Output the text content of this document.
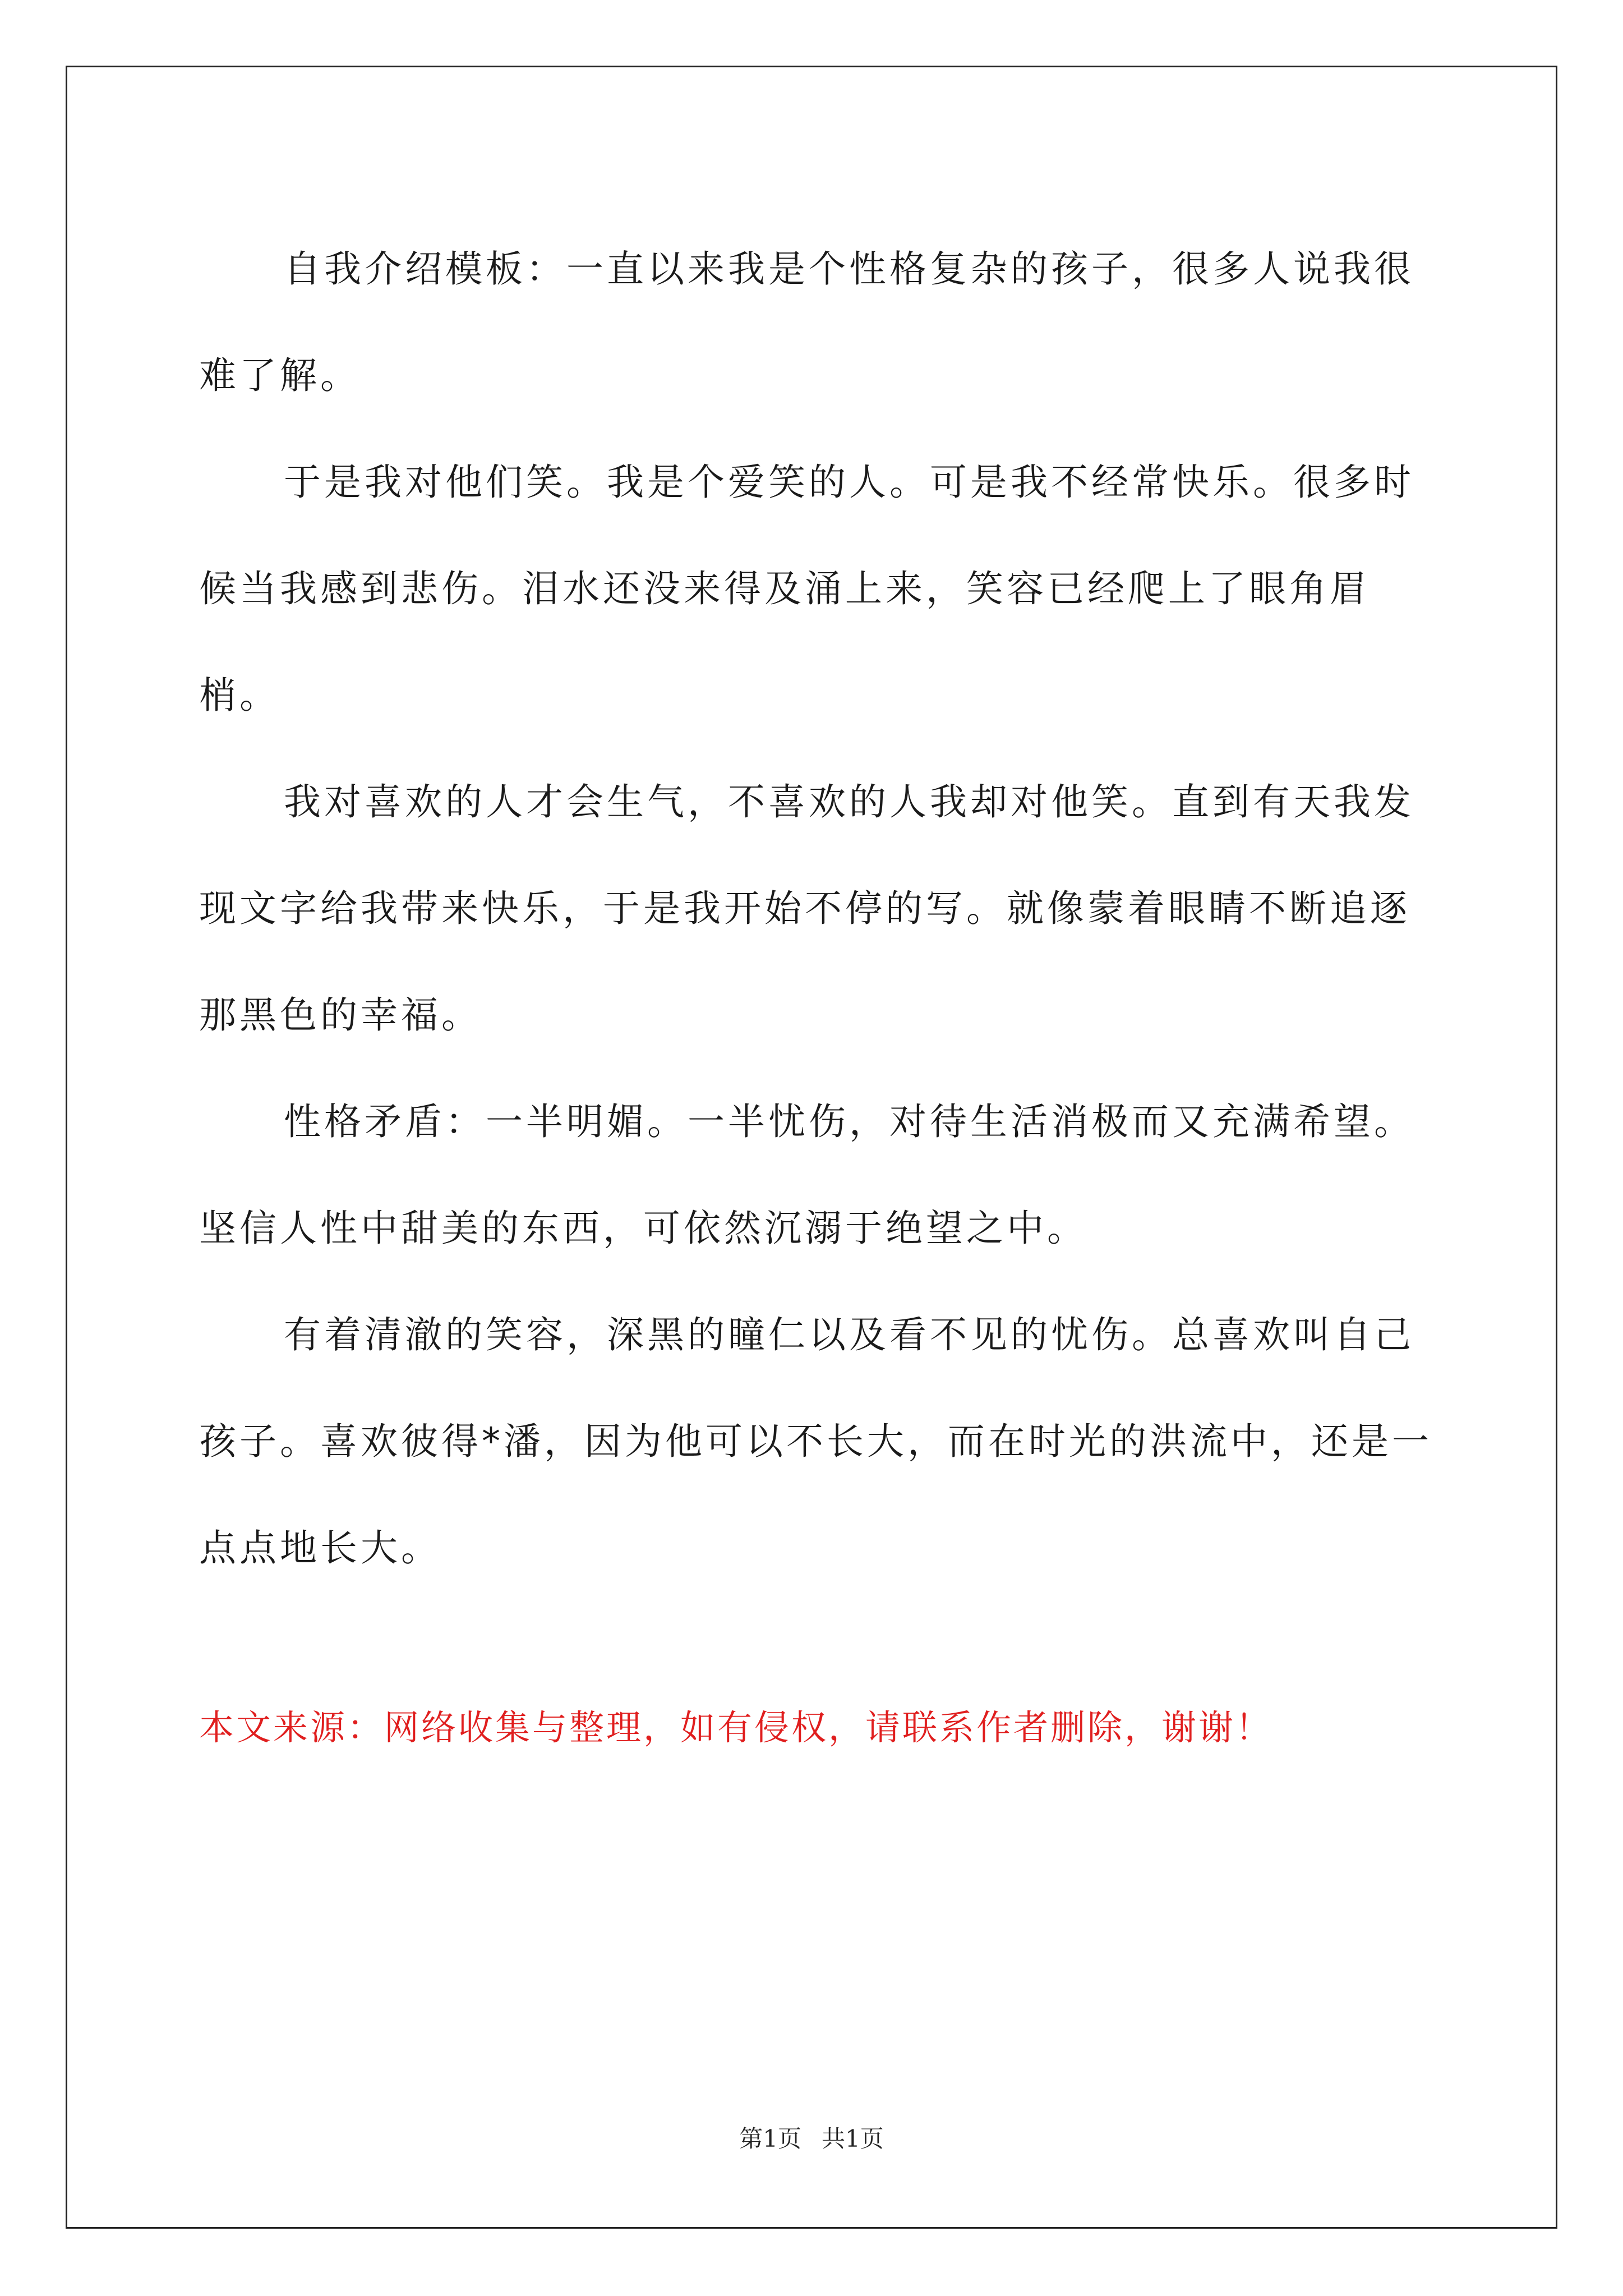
自我介绍模板：一直以来我是个性格复杂的孩子，很多人说我很难了解。

于是我对他们笑。我是个爱笑的人。可是我不经常快乐。很多时候当我感到悲伤。泪水还没来得及涌上来，笑容已经爬上了眼角眉梢。

我对喜欢的人才会生气，不喜欢的人我却对他笑。直到有天我发现文字给我带来快乐，于是我开始不停的写。就像蒙着眼睛不断追逐那黑色的幸福。

性格矛盾：一半明媚。一半忧伤，对待生活消极而又充满希望。坚信人性中甜美的东西，可依然沉溺于绝望之中。

有着清澈的笑容，深黑的瞳仁以及看不见的忧伤。总喜欢叫自己孩子。喜欢彼得*潘，因为他可以不长大，而在时光的洪流中，还是一点点地长大。

本文来源：网络收集与整理，如有侵权，请联系作者删除，谢谢！

第1页 共1页
